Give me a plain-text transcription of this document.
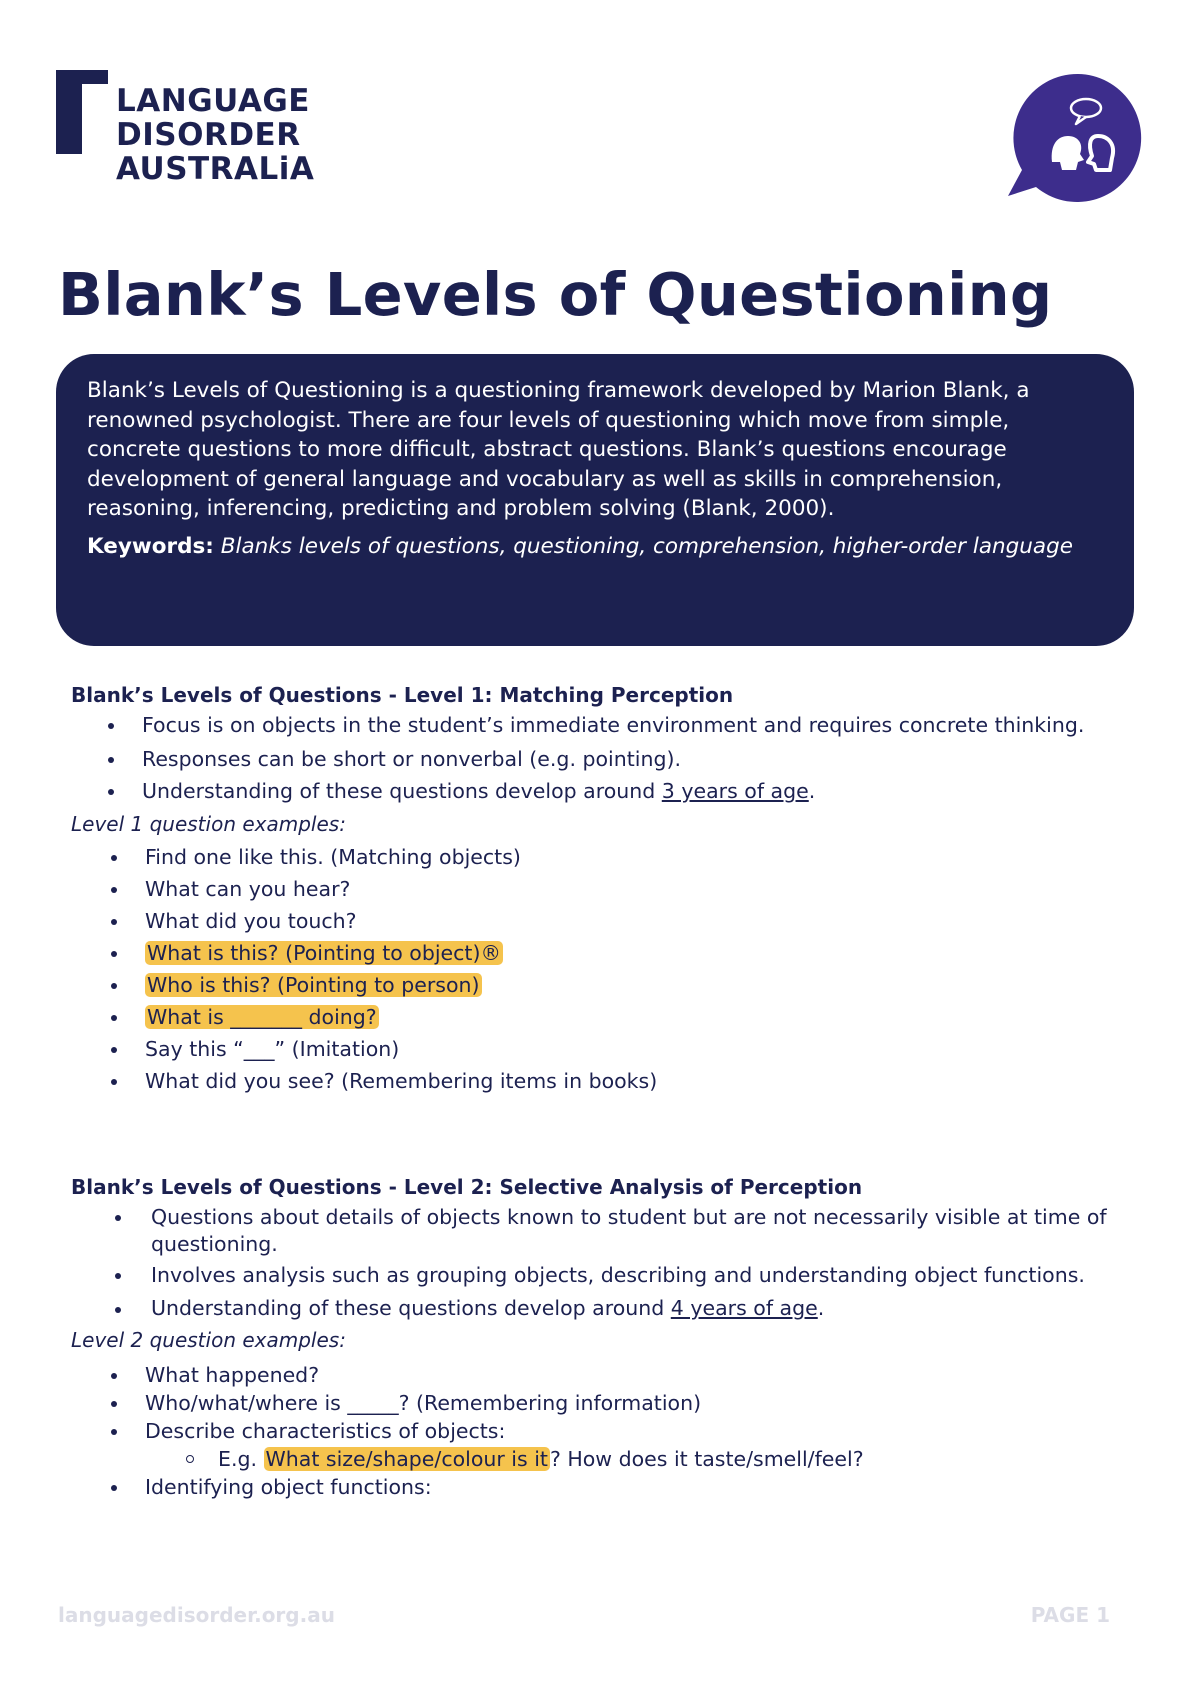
LANGUAGE
DISORDER
AUSTRALiA
Blank’s Levels of Questioning

Blank’s Levels of Questioning is a questioning framework developed by Marion Blank, a renowned psychologist. There are four levels of questioning which move from simple, concrete questions to more difficult, abstract questions. Blank’s questions encourage development of general language and vocabulary as well as skills in comprehension, reasoning, inferencing, predicting and problem solving (Blank, 2000).

Keywords: Blanks levels of questions, questioning, comprehension, higher-order language

Blank’s Levels of Questions - Level 1: Matching Perception
Focus is on objects in the student’s immediate environment and requires concrete thinking.
Responses can be short or nonverbal (e.g. pointing).
Understanding of these questions develop around 3 years of age.
Level 1 question examples:
Find one like this. (Matching objects)
What can you hear?
What did you touch?
What is this? (Pointing to object)®
Who is this? (Pointing to person)
What is _______ doing?
Say this “___” (Imitation)
What did you see? (Remembering items in books)
Blank’s Levels of Questions - Level 2: Selective Analysis of Perception
Questions about details of objects known to student but are not necessarily visible at time of questioning.
Involves analysis such as grouping objects, describing and understanding object functions.
Understanding of these questions develop around 4 years of age.
Level 2 question examples:
What happened?
Who/what/where is _____? (Remembering information)
Describe characteristics of objects:
E.g. What size/shape/colour is it? How does it taste/smell/feel?
Identifying object functions:
languagedisorder.org.au	PAGE 1
